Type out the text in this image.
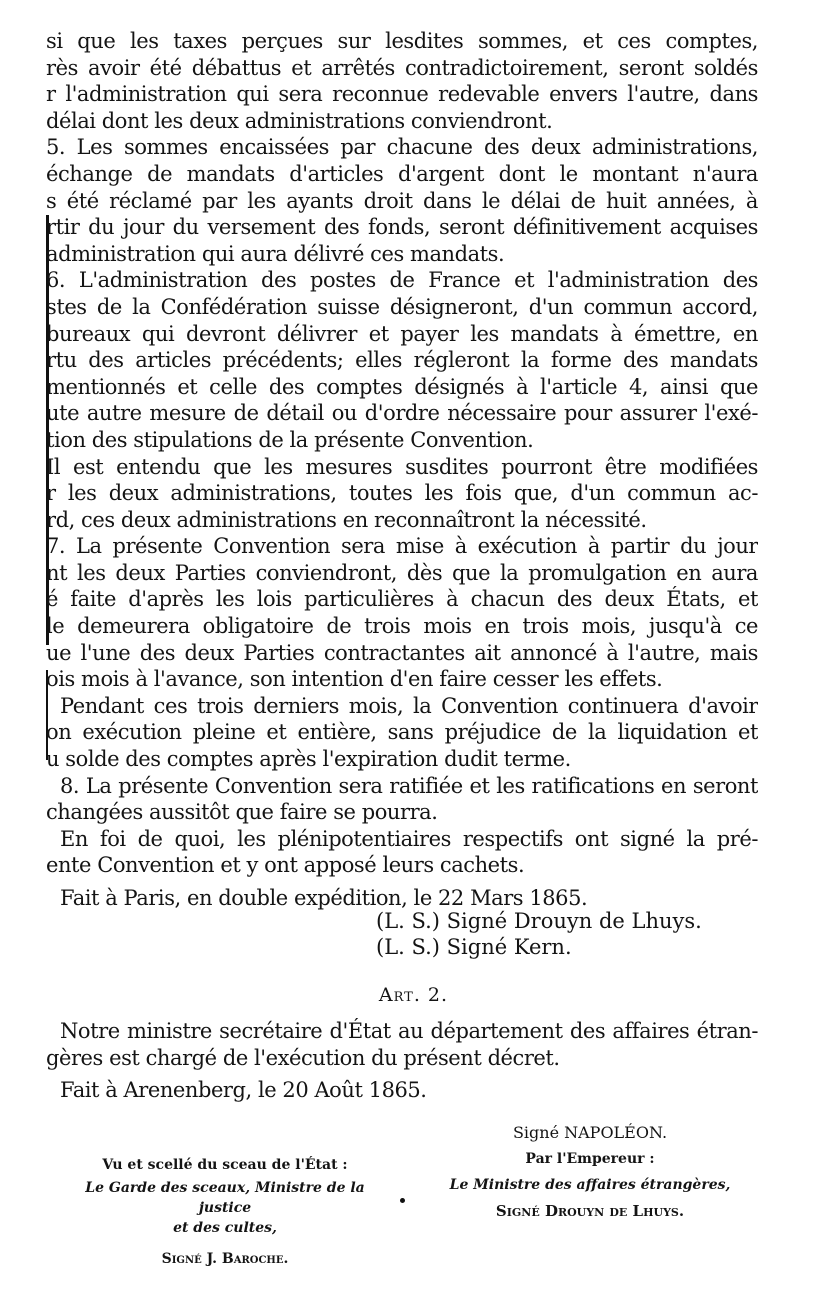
si que les taxes perçues sur lesdites sommes, et ces comptes,
rès avoir été débattus et arrêtés contradictoirement, seront soldés
r l'administration qui sera reconnue redevable envers l'autre, dans
délai dont les deux administrations conviendront.
5. Les sommes encaissées par chacune des deux administrations,
échange de mandats d'articles d'argent dont le montant n'aura
s été réclamé par les ayants droit dans le délai de huit années, à
rtir du jour du versement des fonds, seront définitivement acquises
administration qui aura délivré ces mandats.
6. L'administration des postes de France et l'administration des
stes de la Confédération suisse désigneront, d'un commun accord,
bureaux qui devront délivrer et payer les mandats à émettre, en
rtu des articles précédents; elles régleront la forme des mandats
mentionnés et celle des comptes désignés à l'article 4, ainsi que
ute autre mesure de détail ou d'ordre nécessaire pour assurer l'exé-
tion des stipulations de la présente Convention.
Il est entendu que les mesures susdites pourront être modifiées
r les deux administrations, toutes les fois que, d'un commun ac-
rd, ces deux administrations en reconnaîtront la nécessité.
7. La présente Convention sera mise à exécution à partir du jour
nt les deux Parties conviendront, dès que la promulgation en aura
é faite d'après les lois particulières à chacun des deux États, et
le demeurera obligatoire de trois mois en trois mois, jusqu'à ce
ue l'une des deux Parties contractantes ait annoncé à l'autre, mais
ois mois à l'avance, son intention d'en faire cesser les effets.
Pendant ces trois derniers mois, la Convention continuera d'avoir
on exécution pleine et entière, sans préjudice de la liquidation et
u solde des comptes après l'expiration dudit terme.
8. La présente Convention sera ratifiée et les ratifications en seront
changées aussitôt que faire se pourra.
En foi de quoi, les plénipotentiaires respectifs ont signé la pré-
ente Convention et y ont apposé leurs cachets.
Fait à Paris, en double expédition, le 22 Mars 1865.
(L. S.) Signé Drouyn de Lhuys.
(L. S.) Signé Kern.
Art. 2.
Notre ministre secrétaire d'État au département des affaires étran-
gères est chargé de l'exécution du présent décret.
Fait à Arenenberg, le 20 Août 1865.
Signé NAPOLÉON.
Par l'Empereur :
Le Ministre des affaires étrangères,
Signé Drouyn de Lhuys.
Vu et scellé du sceau de l'État :
Le Garde des sceaux, Ministre de la justice
et des cultes,
Signé J. Baroche.
